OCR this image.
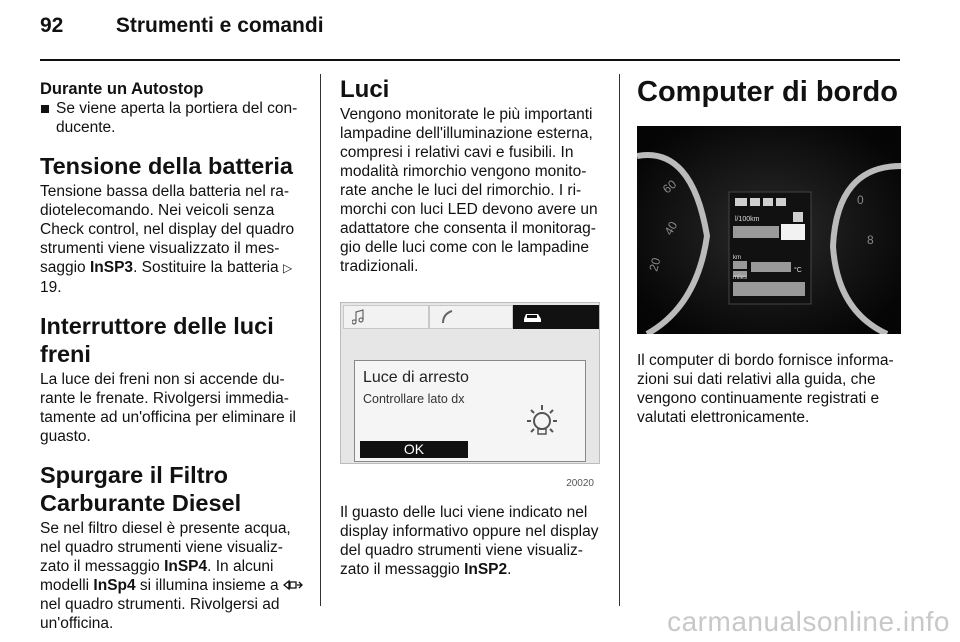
92 Strumenti e comandi

Durante un Autostop

Se viene aperta la portiera del con-ducente.

Tensione della batteria

Tensione bassa della batteria nel ra-diotelecomando. Nei veicoli senza Check control, nel display del quadro strumenti viene visualizzato il mes-saggio InSP3. Sostituire la batteria ▷ 19.

Interruttore delle luci freni

La luce dei freni non si accende du-rante le frenate. Rivolgersi immedia-tamente ad un'officina per eliminare il guasto.

Spurgare il Filtro

Carburante Diesel

Se nel filtro diesel è presente acqua, nel quadro strumenti viene visualiz-zato il messaggio InSP4. In alcuni modelli InSp4 si illumina insieme a  nel quadro strumenti. Rivolgersi ad un'officina.

Luci

Vengono monitorate le più importanti lampadine dell'illuminazione esterna, compresi i relativi cavi e fusibili. In modalità rimorchio vengono monito-rate anche le luci del rimorchio. I ri-morchi con luci LED devono avere un adattatore che consenta il monitorag-gio delle luci come con le lampadine tradizionali.

Luce di arresto
Controllare lato dx
OK
20020

Il guasto delle luci viene indicato nel display informativo oppure nel display del quadro strumenti viene visualiz-zato il messaggio InSP2.

Computer di bordo

60
40
20
0
8
l/100km
km
miles
°C

Il computer di bordo fornisce informa-zioni sui dati relativi alla guida, che vengono continuamente registrati e valutati elettronicamente.

carmanualsonline.info
